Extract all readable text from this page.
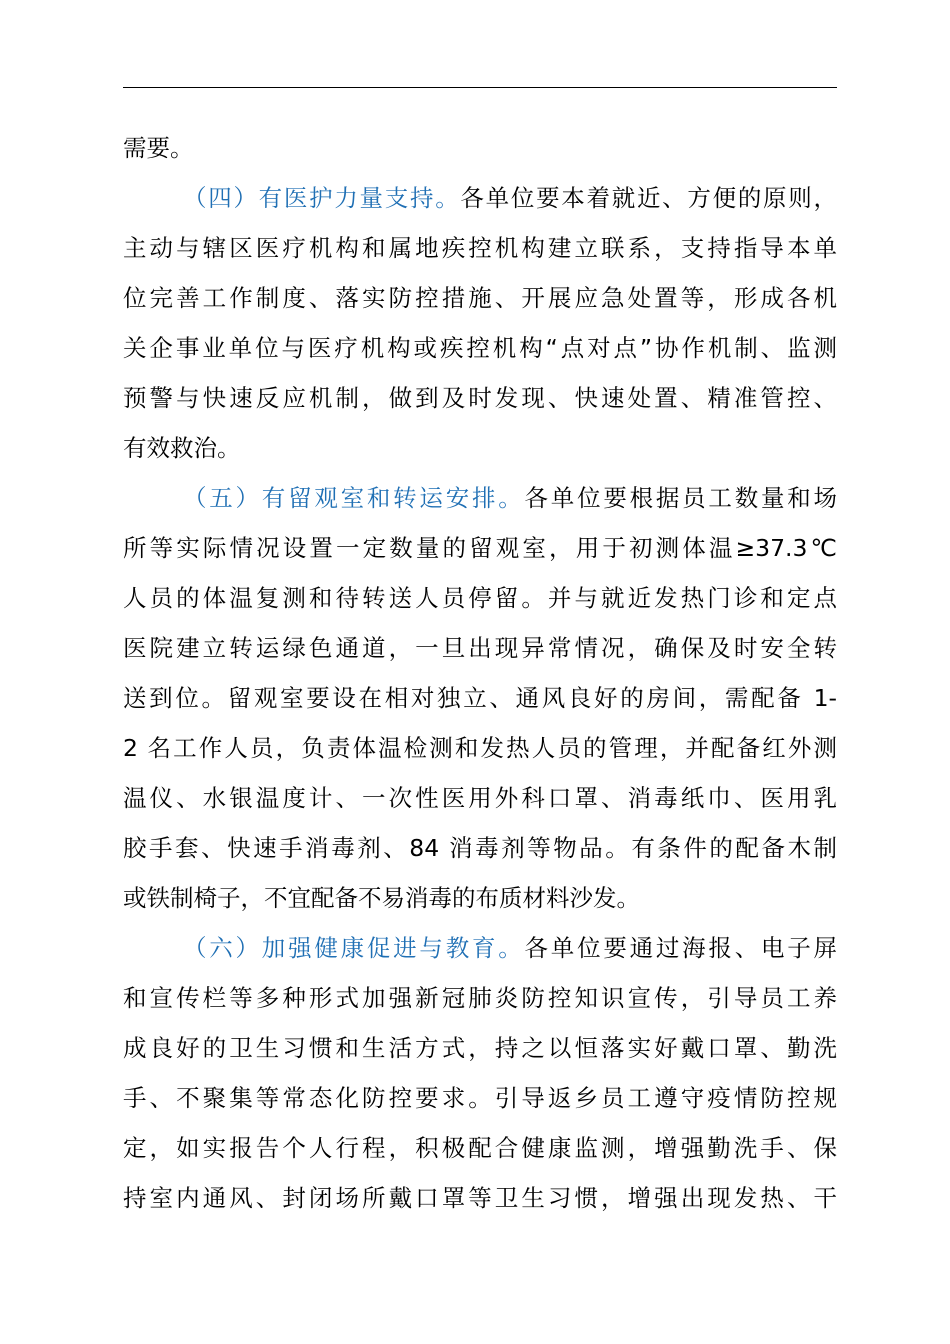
需要。
（四）有医护力量支持。各单位要本着就近、方便的原则，
主动与辖区医疗机构和属地疾控机构建立联系，支持指导本单
位完善工作制度、落实防控措施、开展应急处置等，形成各机
关企事业单位与医疗机构或疾控机构“点对点”协作机制、监测
预警与快速反应机制，做到及时发现、快速处置、精准管控、
有效救治。
（五）有留观室和转运安排。各单位要根据员工数量和场
所等实际情况设置一定数量的留观室，用于初测体温≥37.3℃
人员的体温复测和待转送人员停留。并与就近发热门诊和定点
医院建立转运绿色通道，一旦出现异常情况，确保及时安全转
送到位。留观室要设在相对独立、通风良好的房间，需配备 1-
2 名工作人员，负责体温检测和发热人员的管理，并配备红外测
温仪、水银温度计、一次性医用外科口罩、消毒纸巾、医用乳
胶手套、快速手消毒剂、84 消毒剂等物品。有条件的配备木制
或铁制椅子，不宜配备不易消毒的布质材料沙发。
（六）加强健康促进与教育。各单位要通过海报、电子屏
和宣传栏等多种形式加强新冠肺炎防控知识宣传，引导员工养
成良好的卫生习惯和生活方式，持之以恒落实好戴口罩、勤洗
手、不聚集等常态化防控要求。引导返乡员工遵守疫情防控规
定，如实报告个人行程，积极配合健康监测，增强勤洗手、保
持室内通风、封闭场所戴口罩等卫生习惯，增强出现发热、干
